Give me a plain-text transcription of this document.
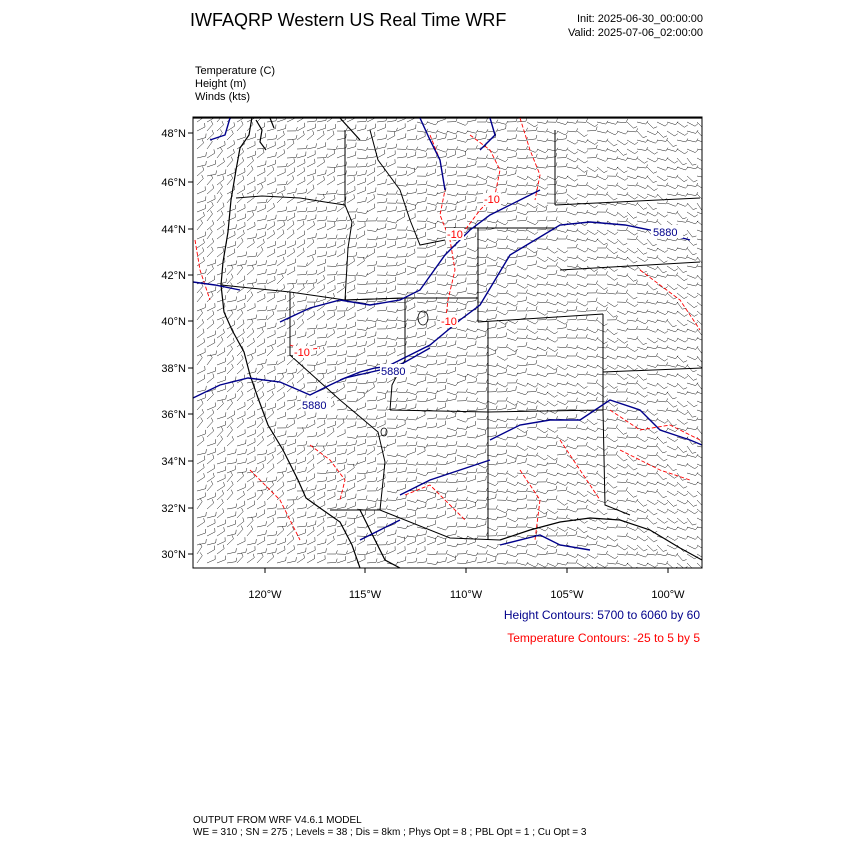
IWFAQRP Western US Real Time WRF	Init: 2025-06-30_00:00:00
Valid: 2025-07-06_02:00:00
Temperature (C)
Height (m)
Winds (kts)
48°N
46°N
44°N
42°N
40°N
38°N
36°N
34°N
32°N
30°N
120°W	115°W	110°W	105°W	100°W
5880
5880
5880
-10
-10
-10
-10
Height Contours: 5700 to 6060 by 60
Temperature Contours: -25 to 5 by 5
OUTPUT FROM WRF V4.6.1 MODEL
WE = 310 ; SN = 275 ; Levels = 38 ; Dis = 8km ; Phys Opt = 8 ; PBL Opt = 1 ; Cu Opt = 3
